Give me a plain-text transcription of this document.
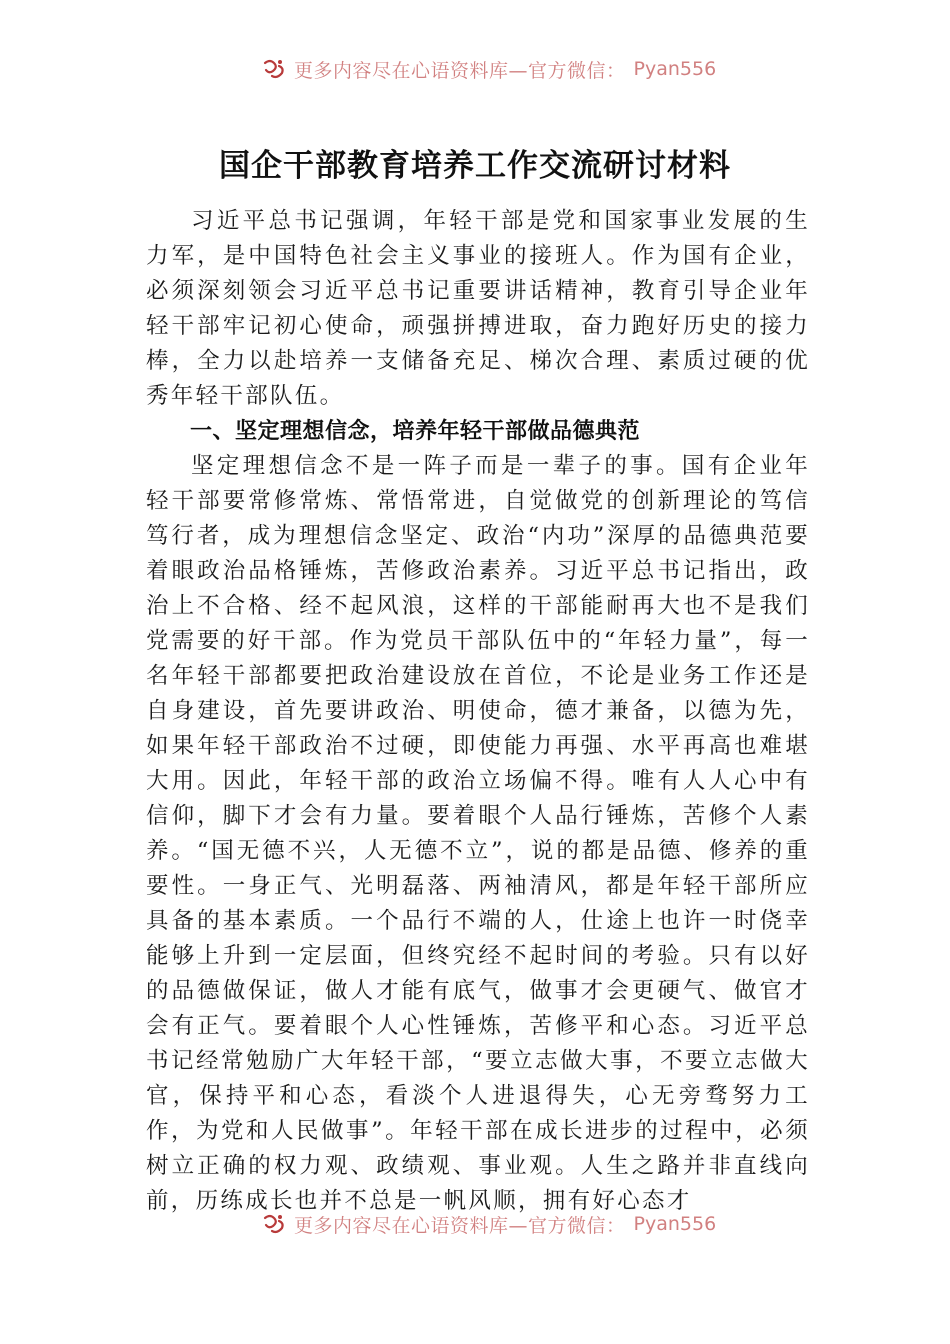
更多内容尽在心语资料库—官方微信： Pyan556
国企干部教育培养工作交流研讨材料

习近平总书记强调，年轻干部是党和国家事业发展的生力军，是中国特色社会主义事业的接班人。作为国有企业，必须深刻领会习近平总书记重要讲话精神，教育引导企业年轻干部牢记初心使命，顽强拼搏进取，奋力跑好历史的接力棒，全力以赴培养一支储备充足、梯次合理、素质过硬的优秀年轻干部队伍。

一、坚定理想信念，培养年轻干部做品德典范

坚定理想信念不是一阵子而是一辈子的事。国有企业年轻干部要常修常炼、常悟常进，自觉做党的创新理论的笃信笃行者，成为理想信念坚定、政治“内功”深厚的品德典范要着眼政治品格锤炼，苦修政治素养。习近平总书记指出，政治上不合格、经不起风浪，这样的干部能耐再大也不是我们党需要的好干部。作为党员干部队伍中的“年轻力量”，每一名年轻干部都要把政治建设放在首位，不论是业务工作还是自身建设，首先要讲政治、明使命，德才兼备，以德为先，如果年轻干部政治不过硬，即使能力再强、水平再高也难堪大用。因此，年轻干部的政治立场偏不得。唯有人人心中有信仰，脚下才会有力量。要着眼个人品行锤炼，苦修个人素养。“国无德不兴，人无德不立”，说的都是品德、修养的重要性。一身正气、光明磊落、两袖清风，都是年轻干部所应具备的基本素质。一个品行不端的人，仕途上也许一时侥幸能够上升到一定层面，但终究经不起时间的考验。只有以好的品德做保证，做人才能有底气，做事才会更硬气、做官才会有正气。要着眼个人心性锤炼，苦修平和心态。习近平总书记经常勉励广大年轻干部，“要立志做大事，不要立志做大官，保持平和心态，看淡个人进退得失，心无旁骛努力工作，为党和人民做事”。年轻干部在成长进步的过程中，必须树立正确的权力观、政绩观、事业观。人生之路并非直线向前，历练成长也并不总是一帆风顺，拥有好心态才

更多内容尽在心语资料库—官方微信： Pyan556
